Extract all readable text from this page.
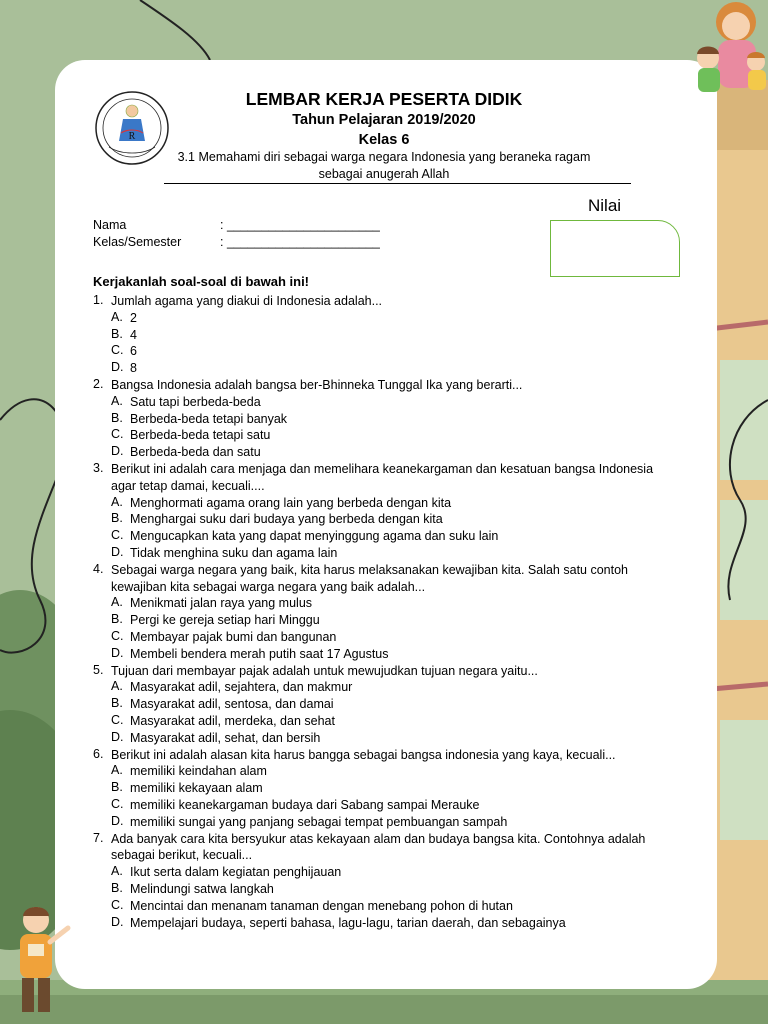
R
LEMBAR KERJA PESERTA DIDIK
Tahun Pelajaran 2019/2020
Kelas 6
3.1 Memahami diri sebagai warga negara Indonesia yang beraneka ragam
sebagai anugerah Allah
Nilai
Nama	: ______________________
Kelas/Semester	: ______________________
Kerjakanlah soal-soal di bawah ini!
1. Jumlah agama yang diakui di Indonesia adalah...
A. 2
B. 4
C. 6
D. 8
2. Bangsa Indonesia adalah bangsa ber-Bhinneka Tunggal Ika yang berarti...
A. Satu tapi berbeda-beda
B. Berbeda-beda tetapi banyak
C. Berbeda-beda tetapi satu
D. Berbeda-beda dan satu
3. Berikut ini adalah cara menjaga dan memelihara keanekargaman dan kesatuan bangsa Indonesia
agar tetap damai, kecuali....
A. Menghormati agama orang lain yang berbeda dengan kita
B. Menghargai suku dari budaya yang berbeda dengan kita
C. Mengucapkan kata yang dapat menyinggung agama dan suku lain
D. Tidak menghina suku dan agama lain
4. Sebagai warga negara yang baik, kita harus melaksanakan kewajiban kita. Salah satu contoh
kewajiban kita sebagai warga negara yang baik adalah...
A. Menikmati jalan raya yang mulus
B. Pergi ke gereja setiap hari Minggu
C. Membayar pajak bumi dan bangunan
D. Membeli bendera merah putih saat 17 Agustus
5. Tujuan dari membayar pajak adalah untuk mewujudkan tujuan negara yaitu...
A. Masyarakat adil, sejahtera, dan makmur
B. Masyarakat adil, sentosa, dan damai
C. Masyarakat adil, merdeka, dan sehat
D. Masyarakat adil, sehat, dan bersih
6. Berikut ini adalah alasan kita harus bangga sebagai bangsa indonesia yang kaya, kecuali...
A. memiliki keindahan alam
B. memiliki kekayaan alam
C. memiliki keanekargaman budaya dari Sabang sampai Merauke
D. memiliki sungai yang panjang sebagai tempat pembuangan sampah
7. Ada banyak cara kita bersyukur atas kekayaan alam dan budaya bangsa kita. Contohnya adalah
sebagai berikut, kecuali...
A. Ikut serta dalam kegiatan penghijauan
B. Melindungi satwa langkah
C. Mencintai dan menanam tanaman dengan menebang pohon di hutan
D. Mempelajari budaya, seperti bahasa, lagu-lagu, tarian daerah, dan sebagainya
